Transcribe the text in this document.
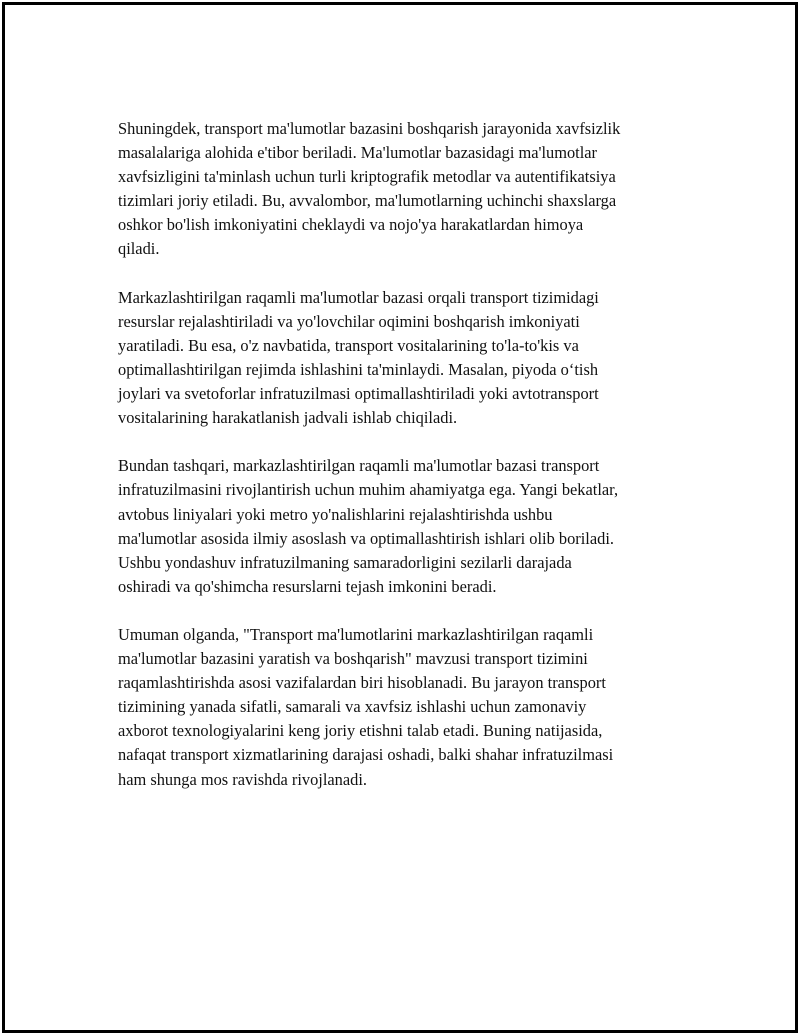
Shuningdek, transport ma'lumotlar bazasini boshqarish jarayonida xavfsizlik
masalalariga alohida e'tibor beriladi. Ma'lumotlar bazasidagi ma'lumotlar
xavfsizligini ta'minlash uchun turli kriptografik metodlar va autentifikatsiya
tizimlari joriy etiladi. Bu, avvalombor, ma'lumotlarning uchinchi shaxslarga
oshkor bo'lish imkoniyatini cheklaydi va nojo'ya harakatlardan himoya
qiladi.

Markazlashtirilgan raqamli ma'lumotlar bazasi orqali transport tizimidagi
resurslar rejalashtiriladi va yo'lovchilar oqimini boshqarish imkoniyati
yaratiladi. Bu esa, o'z navbatida, transport vositalarining to'la-to'kis va
optimallashtirilgan rejimda ishlashini ta'minlaydi. Masalan, piyoda o‘tish
joylari va svetoforlar infratuzilmasi optimallashtiriladi yoki avtotransport
vositalarining harakatlanish jadvali ishlab chiqiladi.

Bundan tashqari, markazlashtirilgan raqamli ma'lumotlar bazasi transport
infratuzilmasini rivojlantirish uchun muhim ahamiyatga ega. Yangi bekatlar,
avtobus liniyalari yoki metro yo'nalishlarini rejalashtirishda ushbu
ma'lumotlar asosida ilmiy asoslash va optimallashtirish ishlari olib boriladi.
Ushbu yondashuv infratuzilmaning samaradorligini sezilarli darajada
oshiradi va qo'shimcha resurslarni tejash imkonini beradi.

Umuman olganda, "Transport ma'lumotlarini markazlashtirilgan raqamli
ma'lumotlar bazasini yaratish va boshqarish" mavzusi transport tizimini
raqamlashtirishda asosi vazifalardan biri hisoblanadi. Bu jarayon transport
tizimining yanada sifatli, samarali va xavfsiz ishlashi uchun zamonaviy
axborot texnologiyalarini keng joriy etishni talab etadi. Buning natijasida,
nafaqat transport xizmatlarining darajasi oshadi, balki shahar infratuzilmasi
ham shunga mos ravishda rivojlanadi.
